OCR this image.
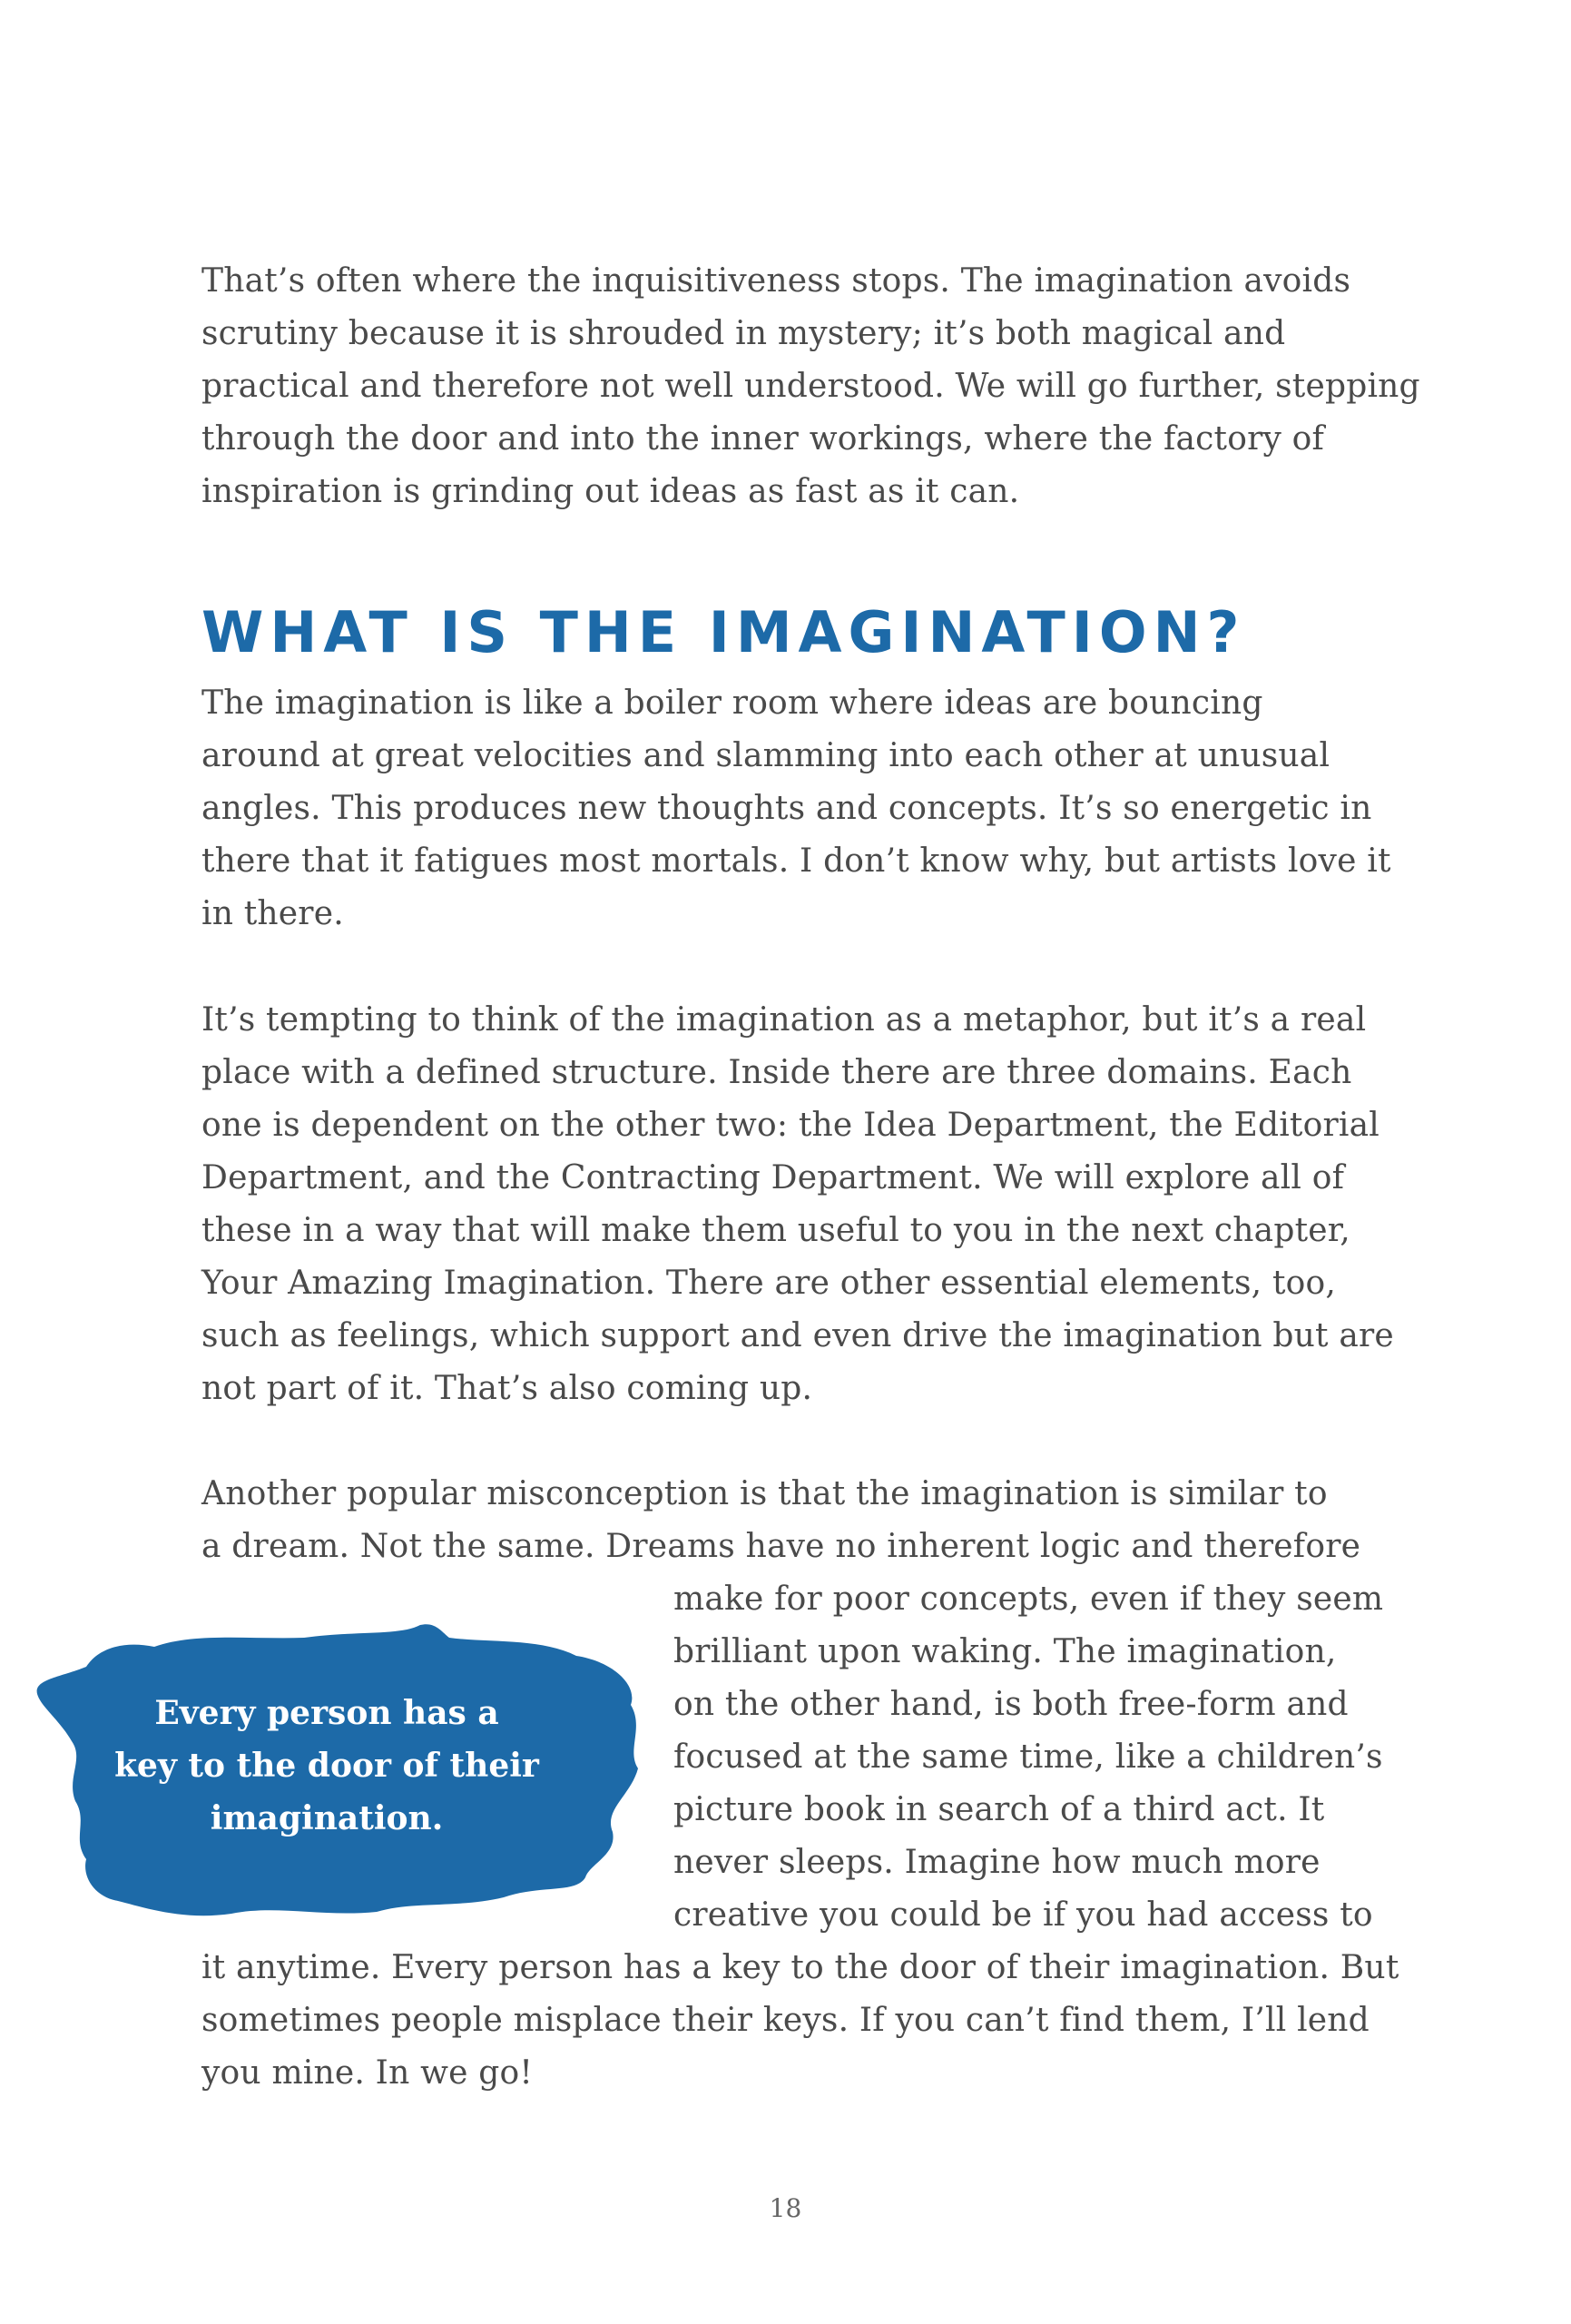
That’s often where the inquisitiveness stops. The imagination avoids
scrutiny because it is shrouded in mystery; it’s both magical and
practical and therefore not well understood. We will go further, stepping
through the door and into the inner workings, where the factory of
inspiration is grinding out ideas as fast as it can.
WHAT IS THE IMAGINATION?
The imagination is like a boiler room where ideas are bouncing
around at great velocities and slamming into each other at unusual
angles. This produces new thoughts and concepts. It’s so energetic in
there that it fatigues most mortals. I don’t know why, but artists love it
in there.
It’s tempting to think of the imagination as a metaphor, but it’s a real
place with a defined structure. Inside there are three domains. Each
one is dependent on the other two: the Idea Department, the Editorial
Department, and the Contracting Department. We will explore all of
these in a way that will make them useful to you in the next chapter,
Your Amazing Imagination. There are other essential elements, too,
such as feelings, which support and even drive the imagination but are
not part of it. That’s also coming up.
Another popular misconception is that the imagination is similar to
a dream. Not the same. Dreams have no inherent logic and therefore
make for poor concepts, even if they seem
brilliant upon waking. The imagination,
on the other hand, is both free-form and
focused at the same time, like a children’s
picture book in search of a third act. It
never sleeps. Imagine how much more
creative you could be if you had access to
it anytime. Every person has a key to the door of their imagination. But
sometimes people misplace their keys. If you can’t find them, I’ll lend
you mine. In we go!
Every person has a
key to the door of their
imagination.
18
